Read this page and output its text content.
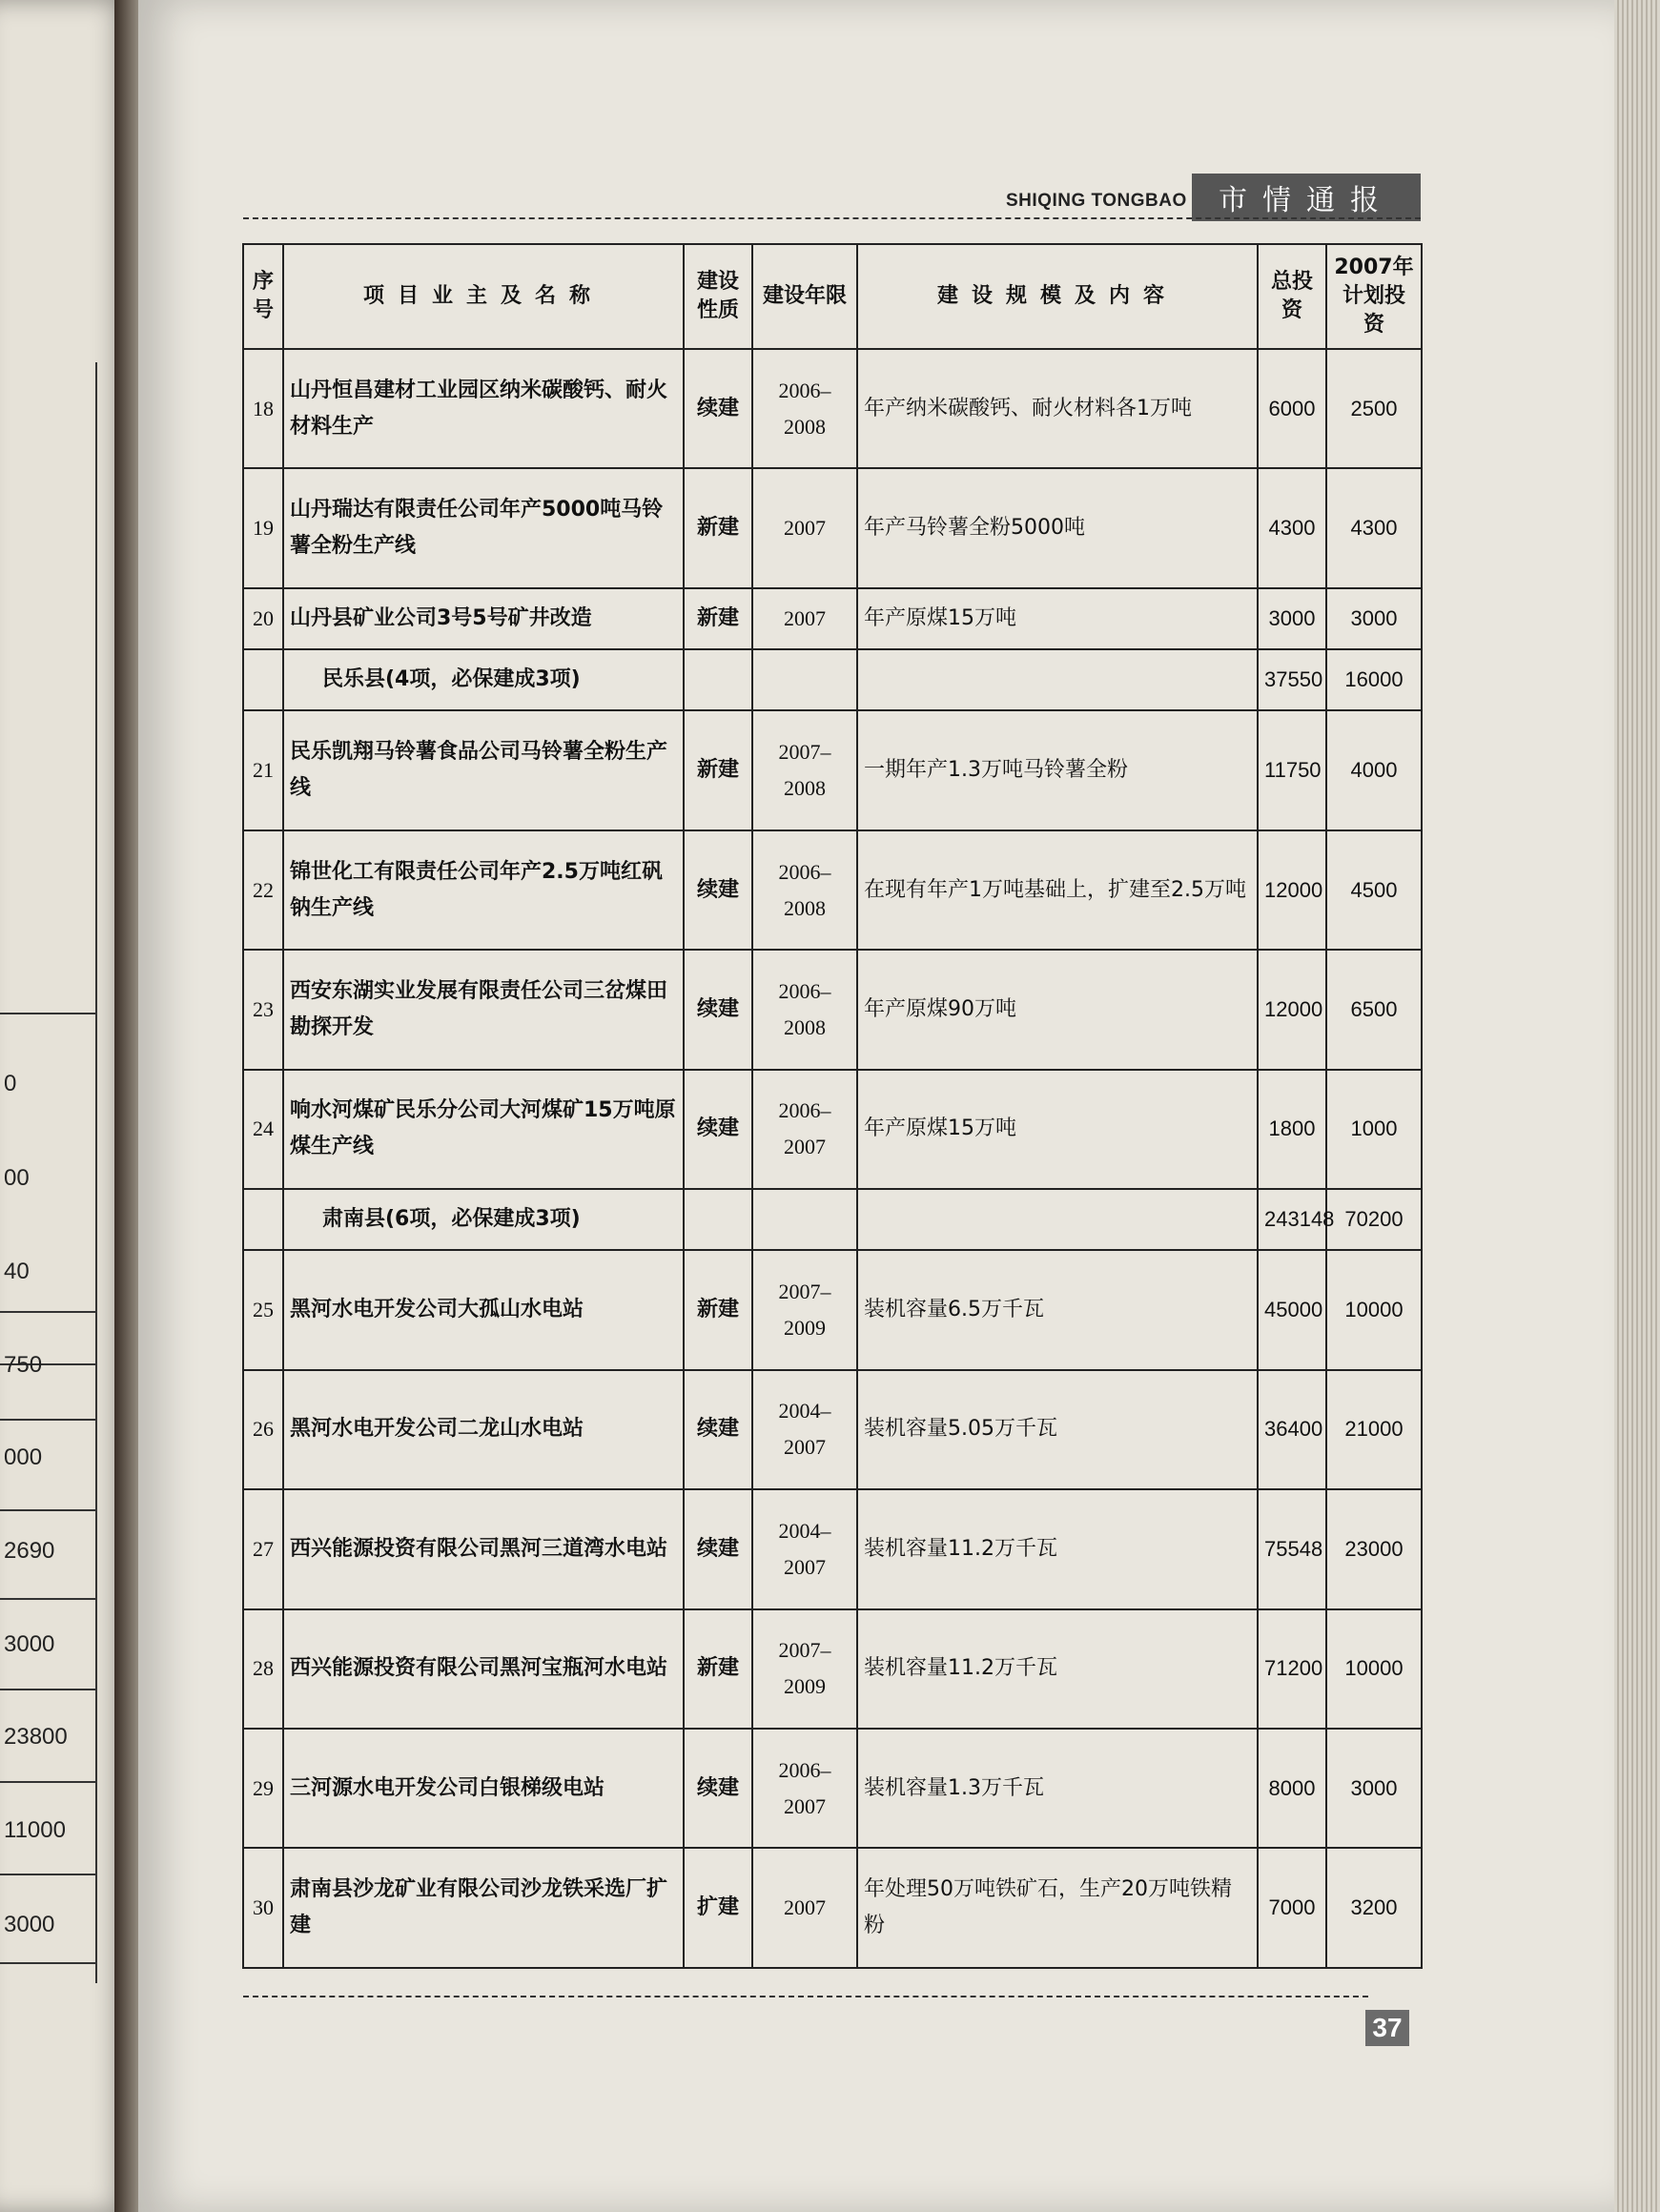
0
00
40
750
000
2690
3000
23800
11000
3000
SHIQING TONGBAO	市情通报
序号	项目业主及名称	建设性质	建设年限	建设规模及内容	总投资	2007年计划投资
18	山丹恒昌建材工业园区纳米碳酸钙、耐火材料生产	续建	2006–2008	年产纳米碳酸钙、耐火材料各1万吨	6000	2500
19	山丹瑞达有限责任公司年产5000吨马铃薯全粉生产线	新建	2007	年产马铃薯全粉5000吨	4300	4300
20	山丹县矿业公司3号5号矿井改造	新建	2007	年产原煤15万吨	3000	3000
	民乐县(4项，必保建成3项)				37550	16000
21	民乐凯翔马铃薯食品公司马铃薯全粉生产线	新建	2007–2008	一期年产1.3万吨马铃薯全粉	11750	4000
22	锦世化工有限责任公司年产2.5万吨红矾钠生产线	续建	2006–2008	在现有年产1万吨基础上，扩建至2.5万吨	12000	4500
23	西安东湖实业发展有限责任公司三岔煤田勘探开发	续建	2006–2008	年产原煤90万吨	12000	6500
24	响水河煤矿民乐分公司大河煤矿15万吨原煤生产线	续建	2006–2007	年产原煤15万吨	1800	1000
	肃南县(6项，必保建成3项)				243148	70200
25	黑河水电开发公司大孤山水电站	新建	2007–2009	装机容量6.5万千瓦	45000	10000
26	黑河水电开发公司二龙山水电站	续建	2004–2007	装机容量5.05万千瓦	36400	21000
27	西兴能源投资有限公司黑河三道湾水电站	续建	2004–2007	装机容量11.2万千瓦	75548	23000
28	西兴能源投资有限公司黑河宝瓶河水电站	新建	2007–2009	装机容量11.2万千瓦	71200	10000
29	三河源水电开发公司白银梯级电站	续建	2006–2007	装机容量1.3万千瓦	8000	3000
30	肃南县沙龙矿业有限公司沙龙铁采选厂扩建	扩建	2007	年处理50万吨铁矿石，生产20万吨铁精粉	7000	3200
37
